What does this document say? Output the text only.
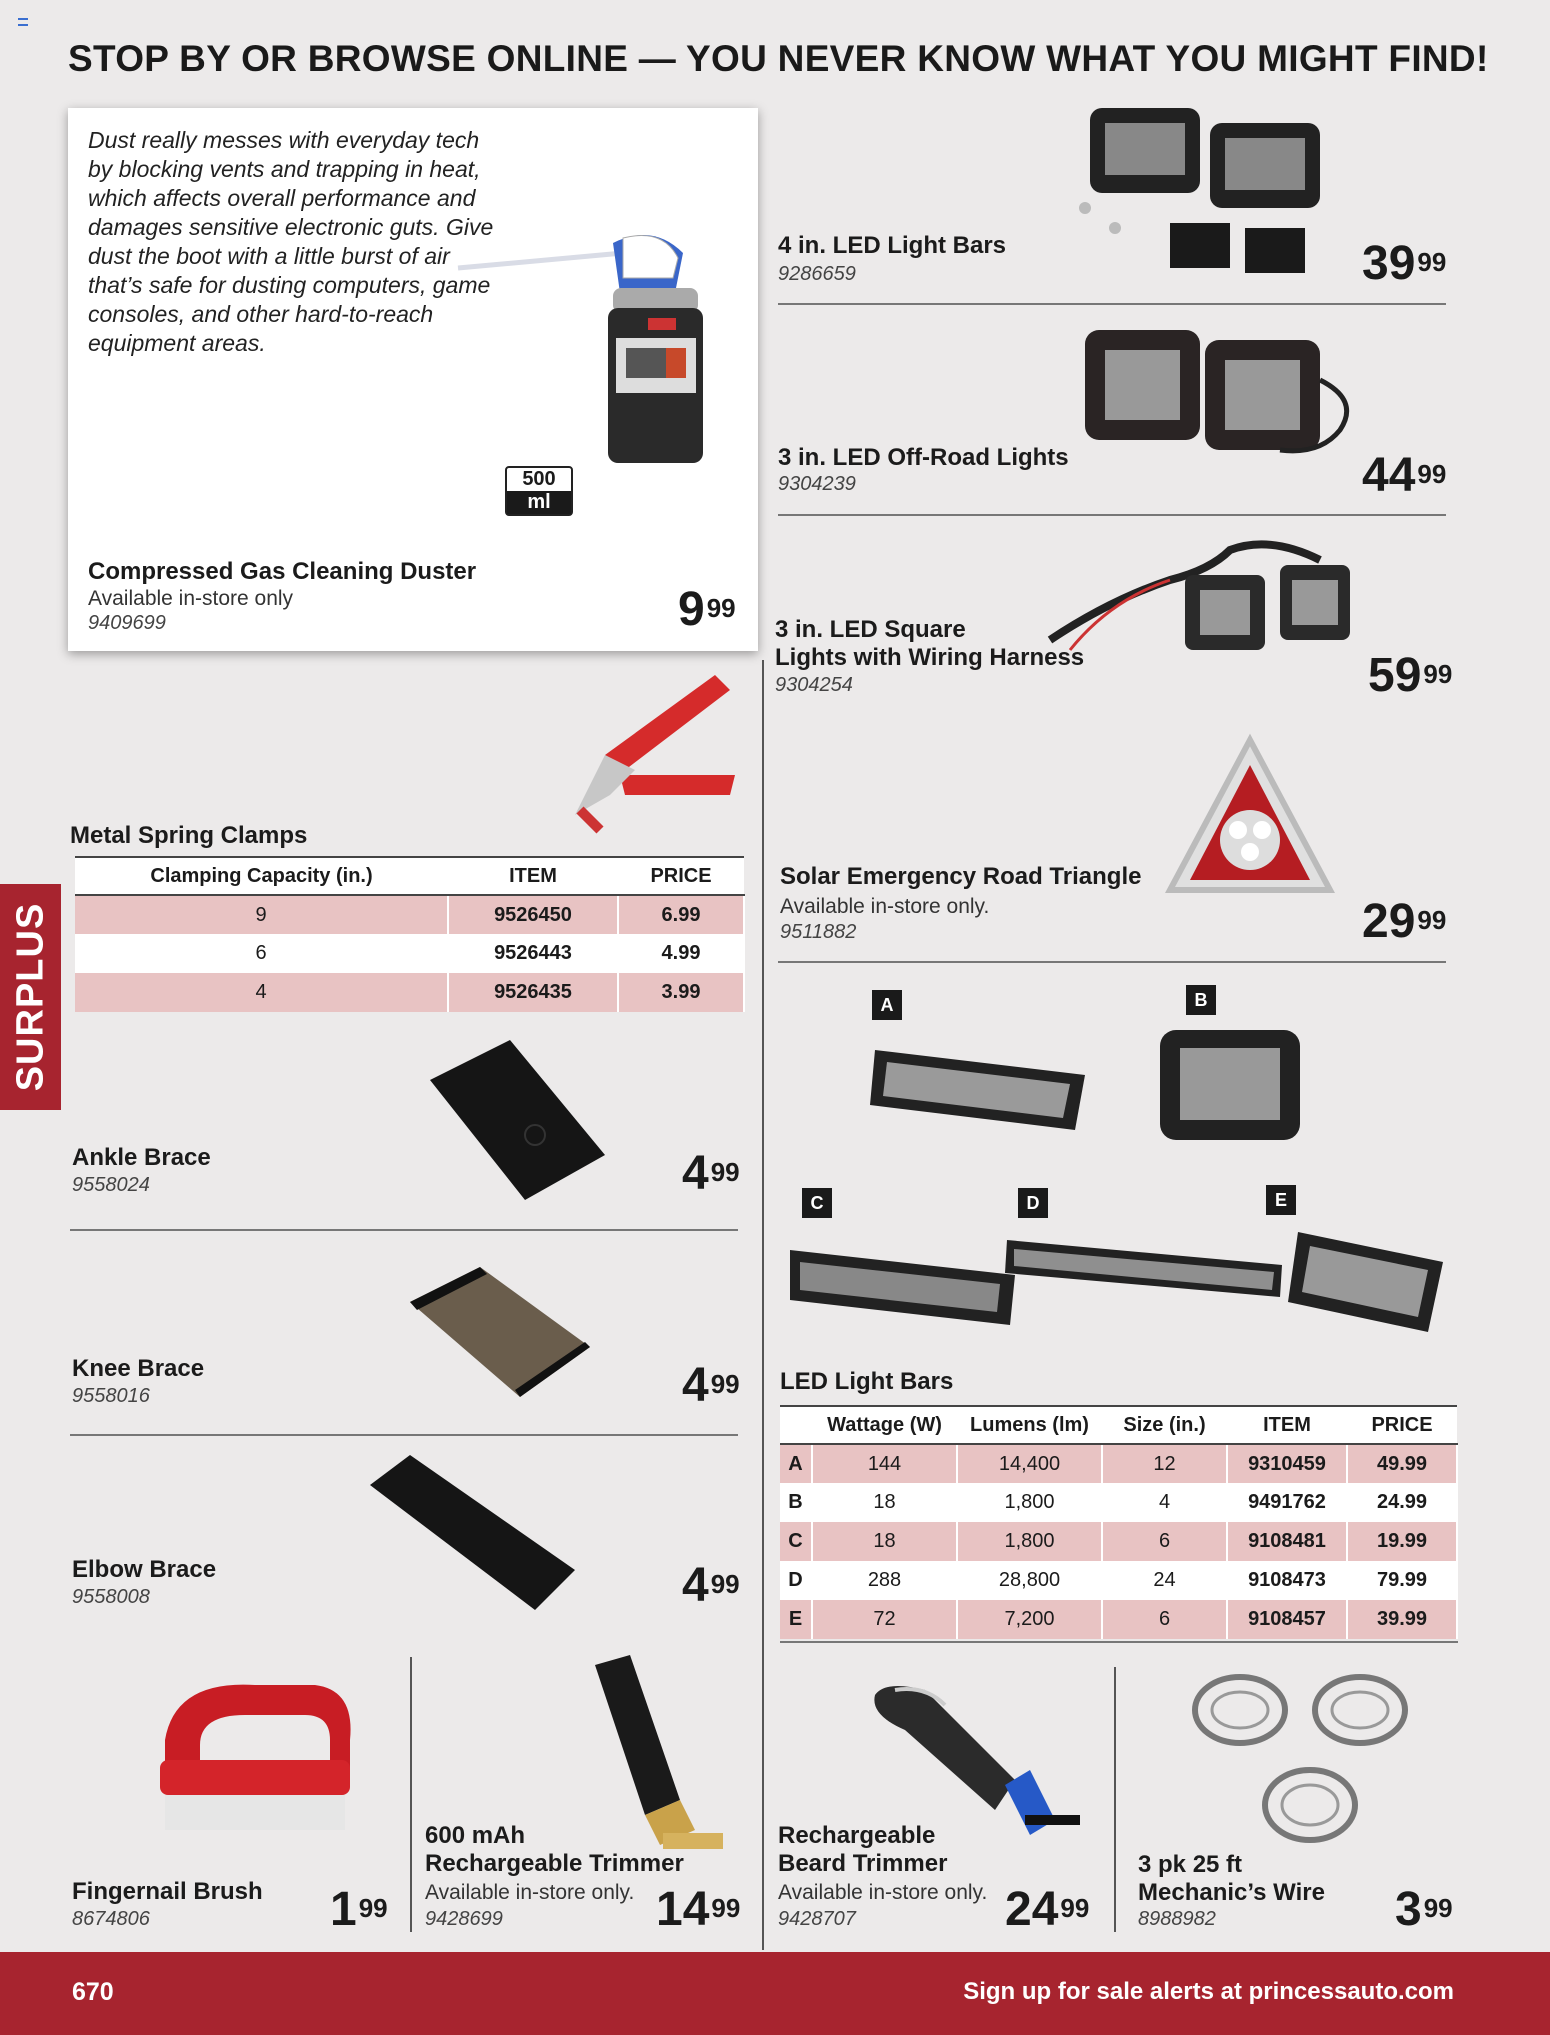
STOP BY OR BROWSE ONLINE — YOU NEVER KNOW WHAT YOU MIGHT FIND!
SURPLUS
Dust really messes with everyday tech by blocking vents and trapping in heat, which affects overall performance and damages sensitive electronic guts. Give dust the boot with a little burst of air that’s safe for dusting computers, game consoles, and other hard-to-reach equipment areas.
500
ml
Compressed Gas Cleaning Duster
Available in-store only
9409699	$9^{99}$
4 in. LED Light Bars
9286659	$39^{99}$
3 in. LED Off-Road Lights
9304239	$44^{99}$
3 in. LED Square
Lights with Wiring Harness
9304254	$59^{99}$
Solar Emergency Road Triangle
Available in-store only.
9511882	$29^{99}$
A	B
C	D	E
LED Light Bars
	Wattage (W)	Lumens (lm)	Size (in.)	ITEM	PRICE
A	144	14,400	12	9310459	49.99
B	18	1,800	4	9491762	24.99
C	18	1,800	6	9108481	19.99
D	288	28,800	24	9108473	79.99
E	72	7,200	6	9108457	39.99
Metal Spring Clamps
Clamping Capacity (in.)	ITEM	PRICE
9	9526450	6.99
6	9526443	4.99
4	9526435	3.99
Ankle Brace
9558024	$4^{99}$
Knee Brace
9558016	$4^{99}$
Elbow Brace
9558008	$4^{99}$
Fingernail Brush
8674806	$1^{99}$
600 mAh
Rechargeable Trimmer
Available in-store only.
9428699	$14^{99}$
Rechargeable
Beard Trimmer
Available in-store only.
9428707	$24^{99}$
3 pk 25 ft
Mechanic’s Wire
8988982	$3^{99}$
670	Sign up for sale alerts at princessauto.com
